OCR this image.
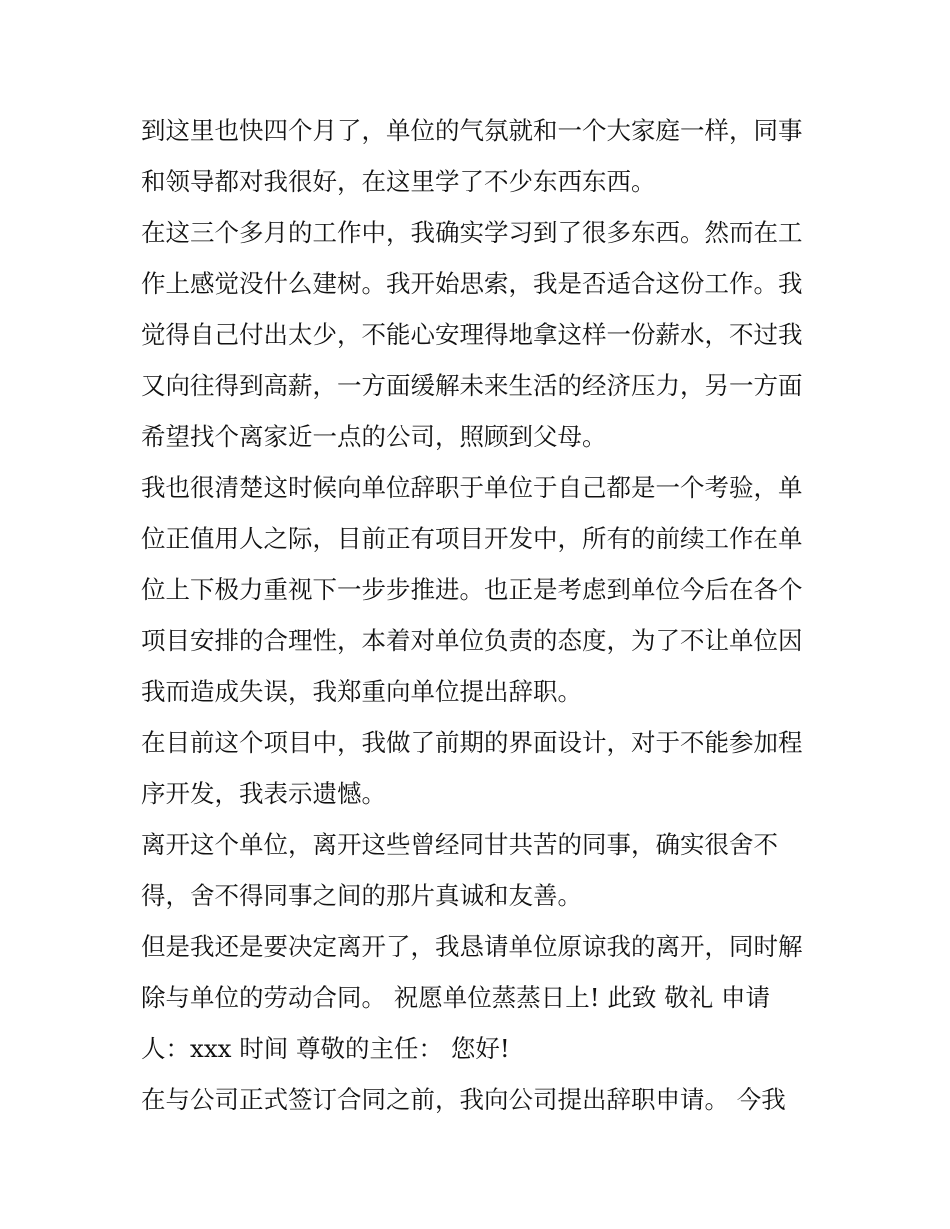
到这里也快四个月了，单位的气氛就和一个大家庭一样，同事
和领导都对我很好，在这里学了不少东西东西。
在这三个多月的工作中，我确实学习到了很多东西。然而在工
作上感觉没什么建树。我开始思索，我是否适合这份工作。我
觉得自己付出太少，不能心安理得地拿这样一份薪水，不过我
又向往得到高薪，一方面缓解未来生活的经济压力，另一方面
希望找个离家近一点的公司，照顾到父母。
我也很清楚这时候向单位辞职于单位于自己都是一个考验，单
位正值用人之际，目前正有项目开发中，所有的前续工作在单
位上下极力重视下一步步推进。也正是考虑到单位今后在各个
项目安排的合理性，本着对单位负责的态度，为了不让单位因
我而造成失误，我郑重向单位提出辞职。
在目前这个项目中，我做了前期的界面设计，对于不能参加程
序开发，我表示遗憾。
离开这个单位，离开这些曾经同甘共苦的同事，确实很舍不
得，舍不得同事之间的那片真诚和友善。
但是我还是要决定离开了，我恳请单位原谅我的离开，同时解
除与单位的劳动合同。 祝愿单位蒸蒸日上! 此致 敬礼 申请
人：xxx 时间 尊敬的主任： 您好!
在与公司正式签订合同之前，我向公司提出辞职申请。 今我
